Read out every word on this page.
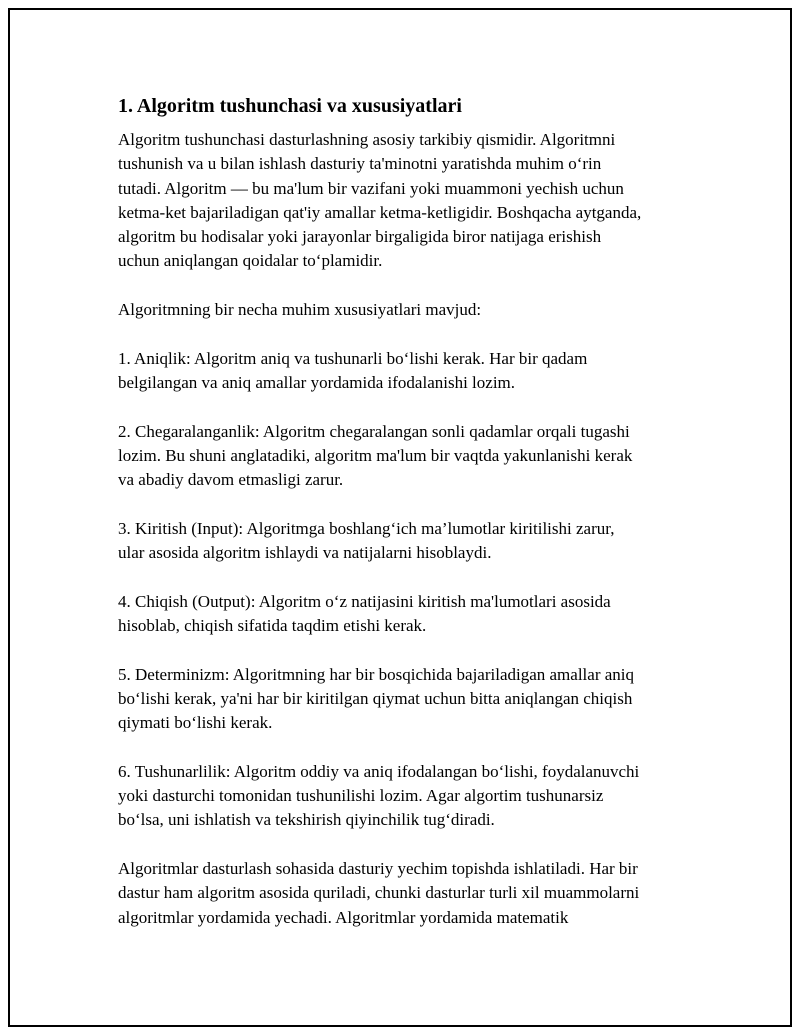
1. Algoritm tushunchasi va xususiyatlari

Algoritm tushunchasi dasturlashning asosiy tarkibiy qismidir. Algoritmni
tushunish va u bilan ishlash dasturiy ta'minotni yaratishda muhim o‘rin
tutadi. Algoritm — bu ma'lum bir vazifani yoki muammoni yechish uchun
ketma-ket bajariladigan qat'iy amallar ketma-ketligidir. Boshqacha aytganda,
algoritm bu hodisalar yoki jarayonlar birgaligida biror natijaga erishish
uchun aniqlangan qoidalar to‘plamidir.

Algoritmning bir necha muhim xususiyatlari mavjud:

1. Aniqlik: Algoritm aniq va tushunarli bo‘lishi kerak. Har bir qadam
belgilangan va aniq amallar yordamida ifodalanishi lozim.

2. Chegaralanganlik: Algoritm chegaralangan sonli qadamlar orqali tugashi
lozim. Bu shuni anglatadiki, algoritm ma'lum bir vaqtda yakunlanishi kerak
va abadiy davom etmasligi zarur.

3. Kiritish (Input): Algoritmga boshlang‘ich ma’lumotlar kiritilishi zarur,
ular asosida algoritm ishlaydi va natijalarni hisoblaydi.

4. Chiqish (Output): Algoritm o‘z natijasini kiritish ma'lumotlari asosida
hisoblab, chiqish sifatida taqdim etishi kerak.

5. Determinizm: Algoritmning har bir bosqichida bajariladigan amallar aniq
bo‘lishi kerak, ya'ni har bir kiritilgan qiymat uchun bitta aniqlangan chiqish
qiymati bo‘lishi kerak.

6. Tushunarlilik: Algoritm oddiy va aniq ifodalangan bo‘lishi, foydalanuvchi
yoki dasturchi tomonidan tushunilishi lozim. Agar algortim tushunarsiz
bo‘lsa, uni ishlatish va tekshirish qiyinchilik tug‘diradi.

Algoritmlar dasturlash sohasida dasturiy yechim topishda ishlatiladi. Har bir
dastur ham algoritm asosida quriladi, chunki dasturlar turli xil muammolarni
algoritmlar yordamida yechadi. Algoritmlar yordamida matematik
